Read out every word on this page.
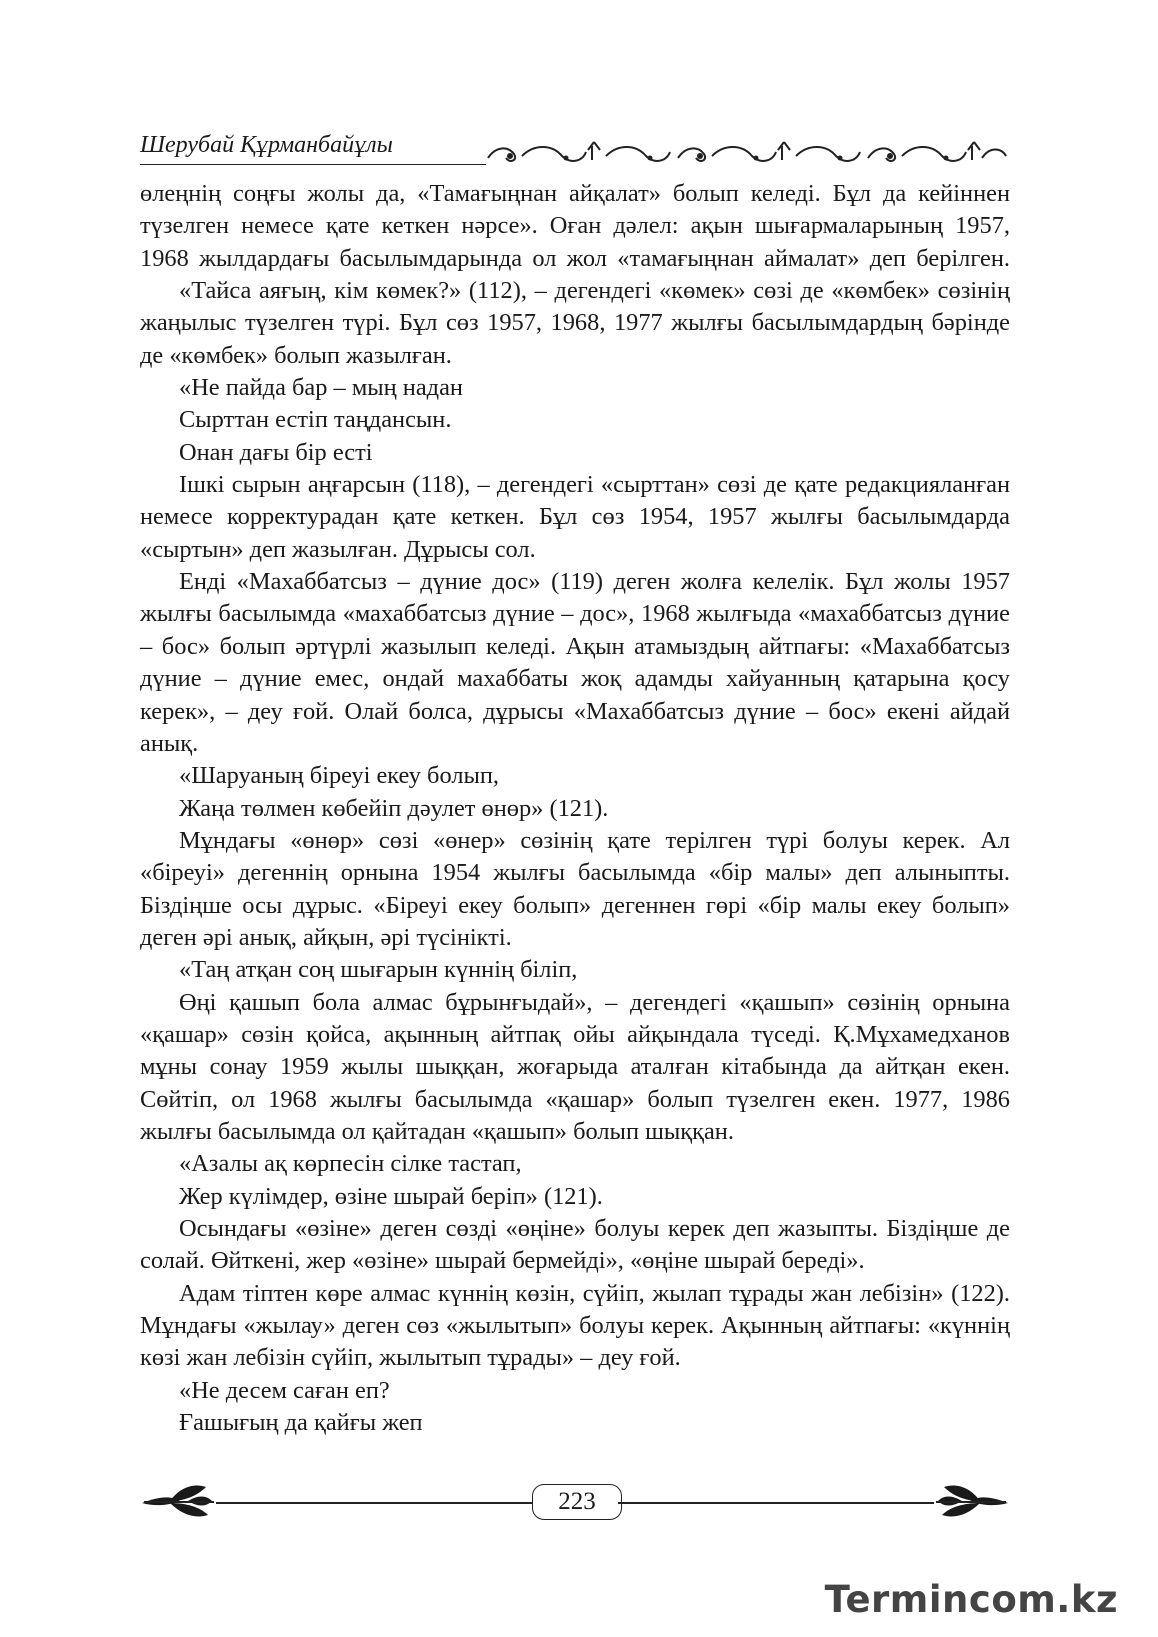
Шерубай Құрманбайұлы

өлеңнің соңғы жолы да, «Тамағыңнан айқалат» болып келеді. Бұл да кейіннен түзелген немесе қате кеткен нәрсе». Оған дәлел: ақын шығармаларының 1957, 1968 жылдардағы басылымдарында ол жол «тамағыңнан аймалат» деп берілген.

«Тайса аяғың, кім көмек?» (112), – дегендегі «көмек» сөзі де «көмбек» сөзінің жаңылыс түзелген түрі. Бұл сөз 1957, 1968, 1977 жылғы басылымдардың бәрінде де «көмбек» болып жазылған.

«Не пайда бар – мың надан

Сырттан естіп таңдансын.

Онан дағы бір есті

Ішкі сырын аңғарсын (118), – дегендегі «сырттан» сөзі де қате редакцияланған немесе корректурадан қате кеткен. Бұл сөз 1954, 1957 жылғы басылымдарда «сыртын» деп жазылған. Дұрысы сол.

Енді «Махаббатсыз – дүние дос» (119) деген жолға келелік. Бұл жолы 1957 жылғы басылымда «махаббатсыз дүние – дос», 1968 жылғыда «махаббатсыз дүние – бос» болып әртүрлі жазылып келеді. Ақын атамыздың айтпағы: «Махаббатсыз дүние – дүние емес, ондай махаббаты жоқ адамды хайуанның қатарына қосу керек», – деу ғой. Олай болса, дұрысы «Махаббатсыз дүние – бос» екені айдай анық.

«Шаруаның біреуі екеу болып,

Жаңа төлмен көбейіп дәулет өнөр» (121).

Мұндағы «өнөр» сөзі «өнер» сөзінің қате терілген түрі болуы керек. Ал «біреуі» дегеннің орнына 1954 жылғы басылымда «бір малы» деп алыныпты. Біздіңше осы дұрыс. «Біреуі екеу болып» дегеннен гөрі «бір малы екеу болып» деген әрі анық, айқын, әрі түсінікті.

«Таң атқан соң шығарын күннің біліп,

Өңі қашып бола алмас бұрынғыдай», – дегендегі «қашып» сөзінің орнына «қашар» сөзін қойса, ақынның айтпақ ойы айқындала түседі. Қ.Мұхамедханов мұны сонау 1959 жылы шыққан, жоғарыда аталған кітабында да айтқан екен. Сөйтіп, ол 1968 жылғы басылымда «қашар» болып түзелген екен. 1977, 1986 жылғы басылымда ол қайтадан «қашып» болып шыққан.

«Азалы ақ көрпесін сілке тастап,

Жер күлімдер, өзіне шырай беріп» (121).

Осындағы «өзіне» деген сөзді «өңіне» болуы керек деп жазыпты. Біздіңше де солай. Өйткені, жер «өзіне» шырай бермейді», «өңіне шырай береді».

Адам тіптен көре алмас күннің көзін, сүйіп, жылап тұрады жан лебізін» (122). Мұндағы «жылау» деген сөз «жылытып» болуы керек. Ақынның айтпағы: «күннің көзі жан лебізін сүйіп, жылытып тұрады» – деу ғой.

«Не десем саған еп?

Ғашығың да қайғы жеп

223
Termincom.kz
